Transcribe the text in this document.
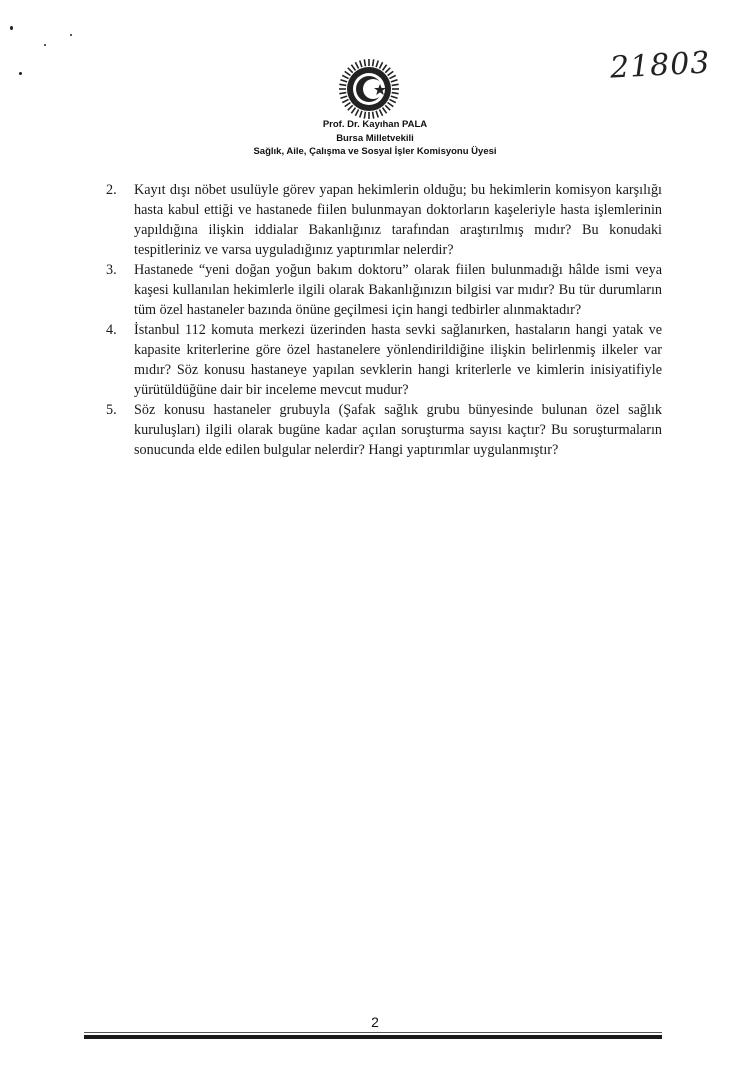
21803
Prof. Dr. Kayıhan PALA
Bursa Milletvekili
Sağlık, Aile, Çalışma ve Sosyal İşler Komisyonu Üyesi

2. Kayıt dışı nöbet usulüyle görev yapan hekimlerin olduğu; bu hekimlerin komisyon karşılığı hasta kabul ettiği ve hastanede fiilen bulunmayan doktorların kaşeleriyle hasta işlemlerinin yapıldığına ilişkin iddialar Bakanlığınız tarafından araştırılmış mıdır? Bu konudaki tespitleriniz ve varsa uyguladığınız yaptırımlar nelerdir?

3. Hastanede “yeni doğan yoğun bakım doktoru” olarak fiilen bulunmadığı hâlde ismi veya kaşesi kullanılan hekimlerle ilgili olarak Bakanlığınızın bilgisi var mıdır? Bu tür durumların tüm özel hastaneler bazında önüne geçilmesi için hangi tedbirler alınmaktadır?

4. İstanbul 112 komuta merkezi üzerinden hasta sevki sağlanırken, hastaların hangi yatak ve kapasite kriterlerine göre özel hastanelere yönlendirildiğine ilişkin belirlenmiş ilkeler var mıdır? Söz konusu hastaneye yapılan sevklerin hangi kriterlerle ve kimlerin inisiyatifiyle yürütüldüğüne dair bir inceleme mevcut mudur?

5. Söz konusu hastaneler grubuyla (Şafak sağlık grubu bünyesinde bulunan özel sağlık kuruluşları) ilgili olarak bugüne kadar açılan soruşturma sayısı kaçtır? Bu soruşturmaların sonucunda elde edilen bulgular nelerdir? Hangi yaptırımlar uygulanmıştır?

2
